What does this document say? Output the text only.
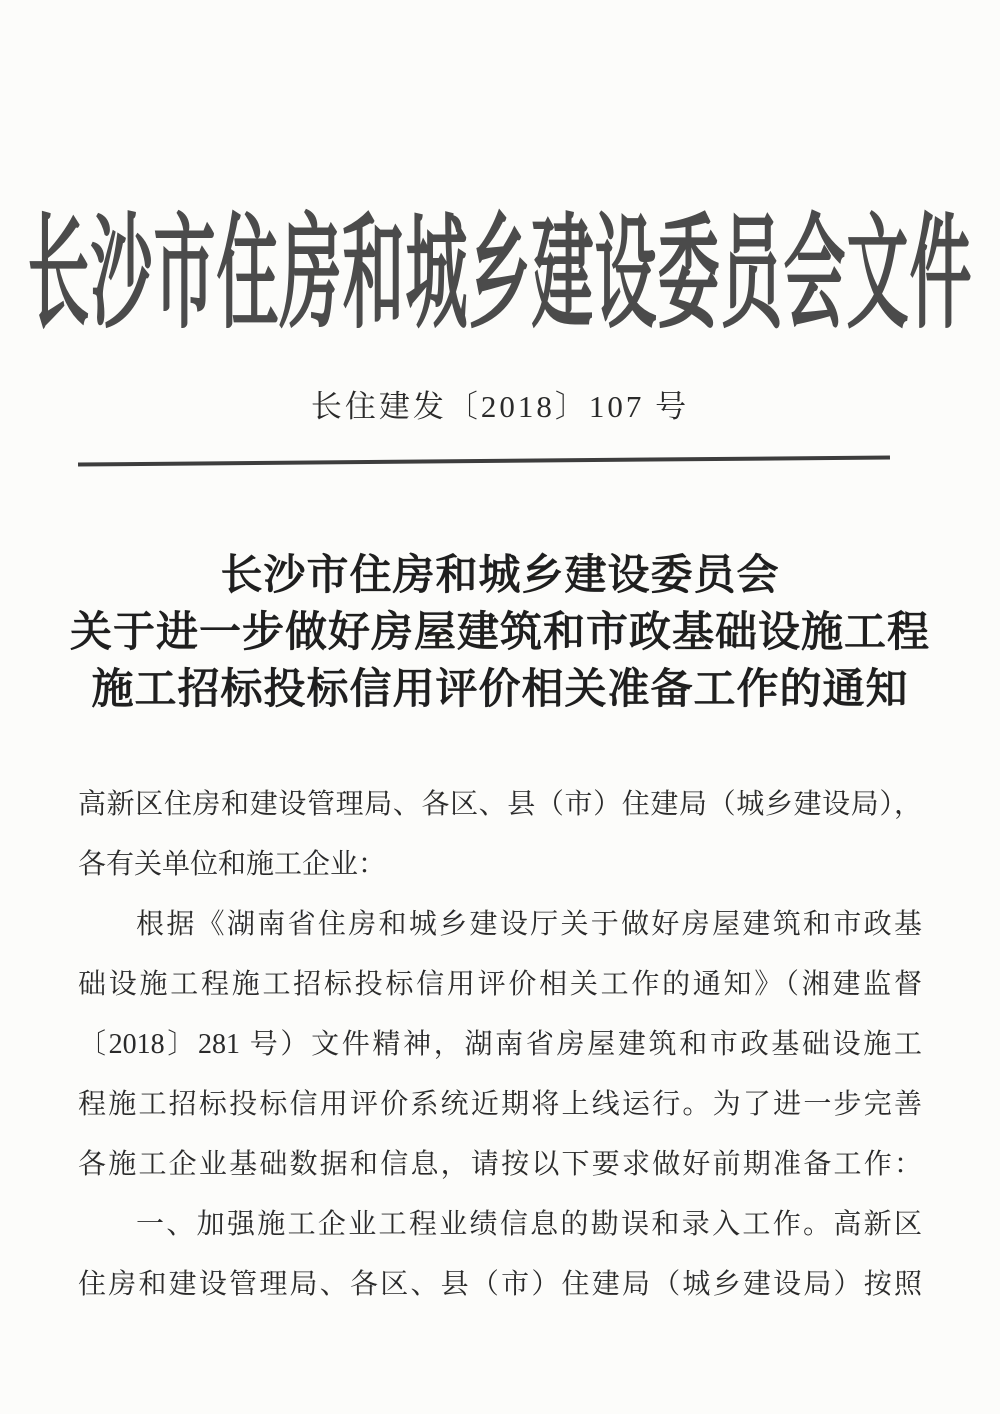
长沙市住房和城乡建设委员会文件
长住建发〔2018〕107 号
长沙市住房和城乡建设委员会
关于进一步做好房屋建筑和市政基础设施工程
施工招标投标信用评价相关准备工作的通知
高新区住房和建设管理局、各区、县（市）住建局（城乡建设局），
各有关单位和施工企业：
根据《湖南省住房和城乡建设厅关于做好房屋建筑和市政基
础设施工程施工招标投标信用评价相关工作的通知》（湘建监督
〔2018〕281 号）文件精神，湖南省房屋建筑和市政基础设施工
程施工招标投标信用评价系统近期将上线运行。为了进一步完善
各施工企业基础数据和信息，请按以下要求做好前期准备工作：
一、加强施工企业工程业绩信息的勘误和录入工作。高新区
住房和建设管理局、各区、县（市）住建局（城乡建设局）按照
